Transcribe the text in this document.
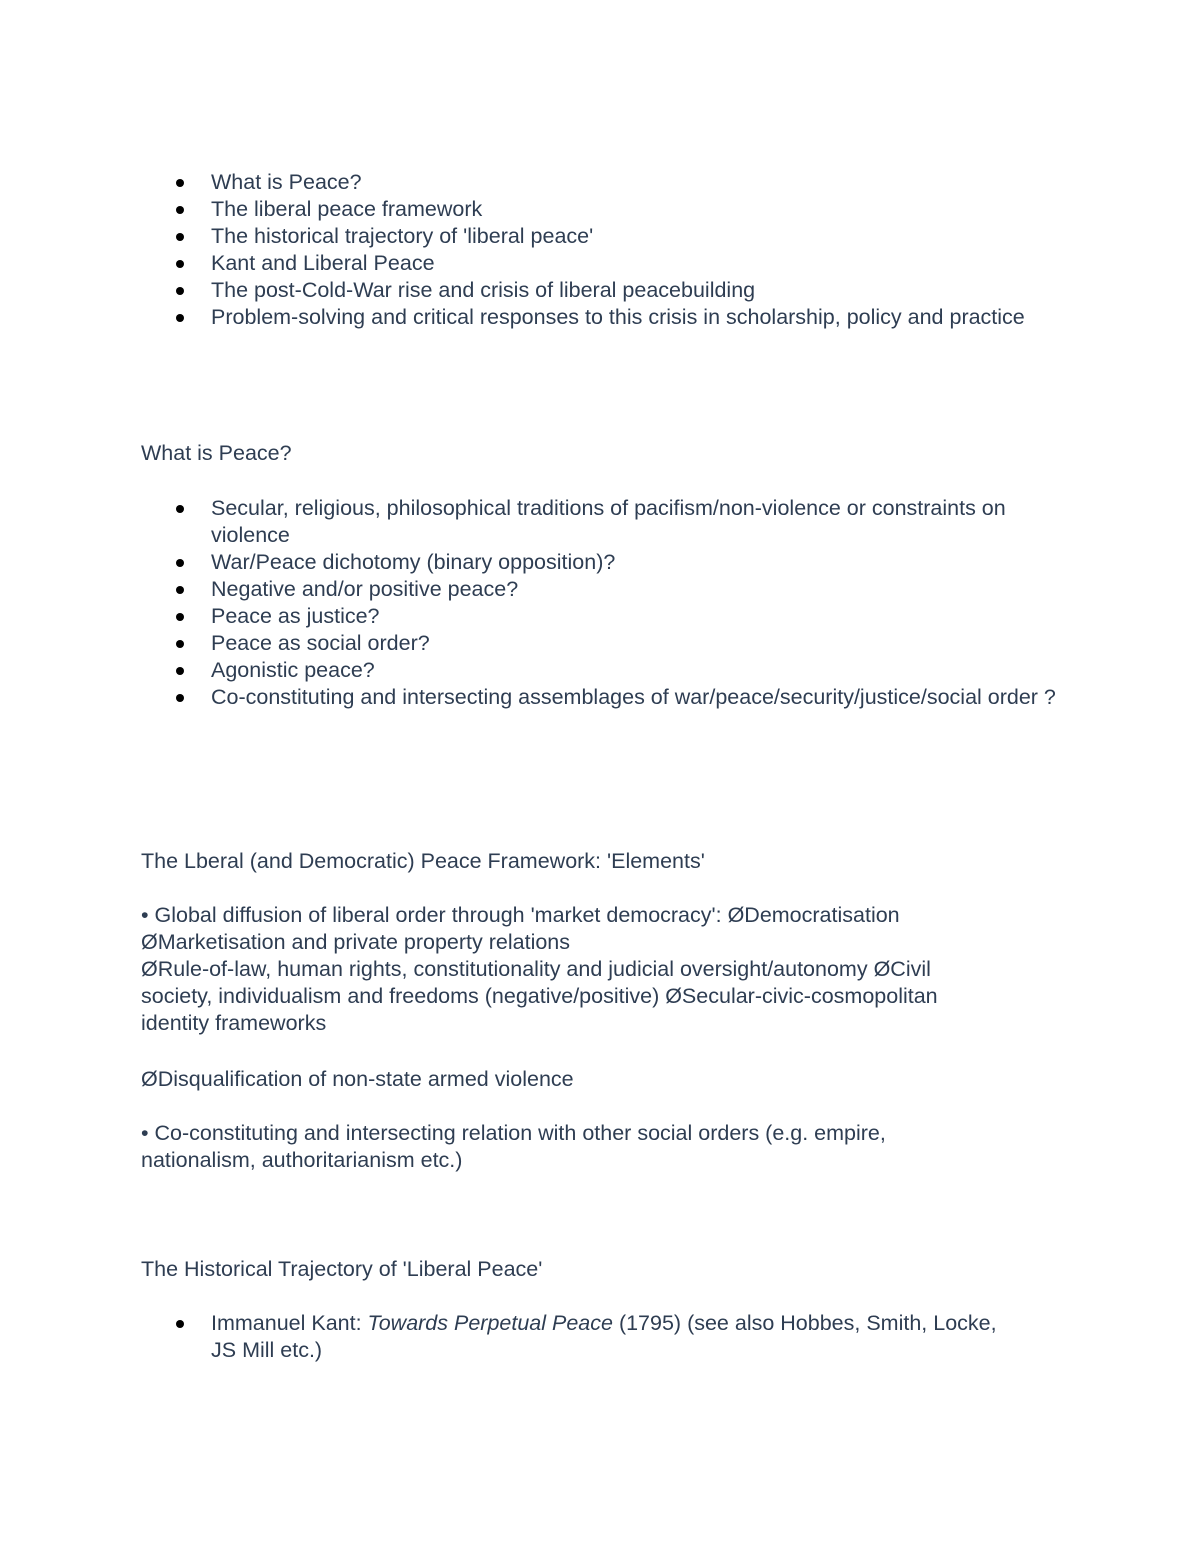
What is Peace?
The liberal peace framework
The historical trajectory of 'liberal peace'
Kant and Liberal Peace
The post-Cold-War rise and crisis of liberal peacebuilding
Problem-solving and critical responses to this crisis in scholarship, policy and practice

What is Peace?

Secular, religious, philosophical traditions of pacifism/non-violence or constraints on violence
War/Peace dichotomy (binary opposition)?
Negative and/or positive peace?
Peace as justice?
Peace as social order?
Agonistic peace?
Co-constituting and intersecting assemblages of war/peace/security/justice/social order ?

The Lberal (and Democratic) Peace Framework: 'Elements'

• Global diffusion of liberal order through 'market democracy': ØDemocratisation
ØMarketisation and private property relations
ØRule-of-law, human rights, constitutionality and judicial oversight/autonomy ØCivil
society, individualism and freedoms (negative/positive) ØSecular-civic-cosmopolitan
identity frameworks

ØDisqualification of non-state armed violence

• Co-constituting and intersecting relation with other social orders (e.g. empire,
nationalism, authoritarianism etc.)

The Historical Trajectory of 'Liberal Peace'

Immanuel Kant: Towards Perpetual Peace (1795) (see also Hobbes, Smith, Locke, JS Mill etc.)
